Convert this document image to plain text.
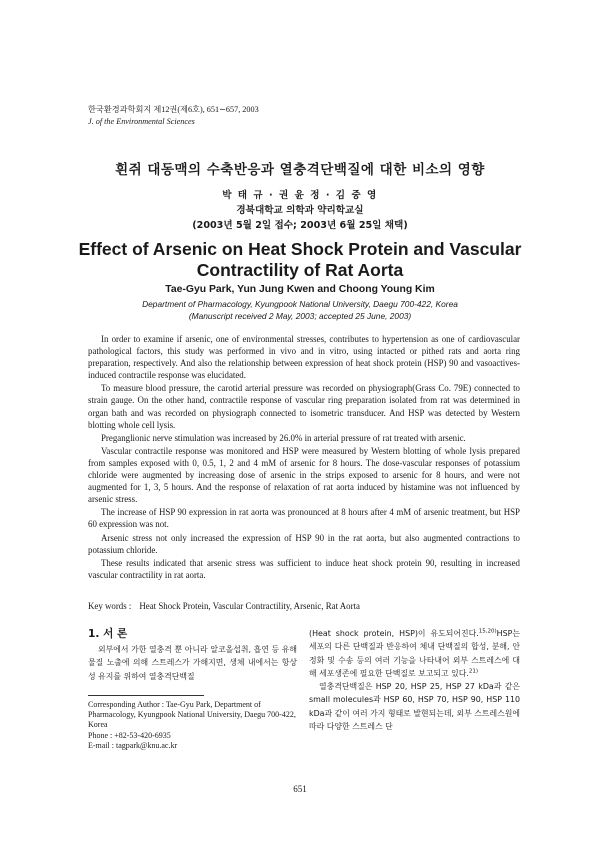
한국환경과학회지 제12권(제6호), 651∼657, 2003
J. of the Environmental Sciences
흰쥐 대동맥의 수축반응과 열충격단백질에 대한 비소의 영향
박 태 규 · 권 윤 정 · 김 중 영
경북대학교 의학과 약리학교실
(2003년 5월 2일 접수; 2003년 6월 25일 채택)
Effect of Arsenic on Heat Shock Protein and Vascular
Contractility of Rat Aorta
Tae-Gyu Park, Yun Jung Kwen and Choong Young Kim
Department of Pharmacology, Kyungpook National University, Daegu 700-422, Korea
(Manuscript received 2 May, 2003; accepted 25 June, 2003)

In order to examine if arsenic, one of environmental stresses, contributes to hypertension as one of cardiovascular pathological factors, this study was performed in vivo and in vitro, using intacted or pithed rats and aorta ring preparation, respectively. And also the relationship between expression of heat shock protein (HSP) 90 and vasoactives-induced contractile response was elucidated.

To measure blood pressure, the carotid arterial pressure was recorded on physiograph(Grass Co. 79E) connected to strain gauge. On the other hand, contractile response of vascular ring preparation isolated from rat was determined in organ bath and was recorded on physiograph connected to isometric transducer. And HSP was detected by Western blotting whole cell lysis.

Preganglionic nerve stimulation was increased by 26.0% in arterial pressure of rat treated with arsenic.

Vascular contractile response was monitored and HSP were measured by Western blotting of whole lysis prepared from samples exposed with 0, 0.5, 1, 2 and 4 mM of arsenic for 8 hours. The dose-vascular responses of potassium chloride were augmented by increasing dose of arsenic in the strips exposed to arsenic for 8 hours, and were not augmented for 1, 3, 5 hours. And the response of relaxation of rat aorta induced by histamine was not influenced by arsenic stress.

The increase of HSP 90 expression in rat aorta was pronounced at 8 hours after 4 mM of arsenic treatment, but HSP 60 expression was not.

Arsenic stress not only increased the expression of HSP 90 in the rat aorta, but also augmented contractions to potassium chloride.

These results indicated that arsenic stress was sufficient to induce heat shock protein 90, resulting in increased vascular contractility in rat aorta.

Key words : Heat Shock Protein, Vascular Contractility, Arsenic, Rat Aorta
1. 서 론

외부에서 가한 열충격 뿐 아니라 알코올섭취, 흡연 등 유해물질 노출에 의해 스트레스가 가해지면, 생체 내에서는 항상성 유지를 위하여 열충격단백질

Corresponding Author : Tae-Gyu Park, Department of Pharmacology, Kyungpook National University, Daegu 700-422, Korea

Phone : +82-53-420-6935

E-mail : tagpark@knu.ac.kr

(Heat shock protein, HSP)이 유도되어진다.$^{15,20)}$HSP는 세포의 다른 단백질과 반응하여 체내 단백질의 합성, 분해, 안정화 및 수송 등의 여러 기능을 나타내어 외부 스트레스에 대해 세포생존에 필요한 단백질로 보고되고 있다.$^{21)}$

열충격단백질은 HSP 20, HSP 25, HSP 27 kDa과 같은 small molecules과 HSP 60, HSP 70, HSP 90, HSP 110 kDa과 같이 여러 가지 형태로 발현되는데, 외부 스트레스원에 따라 다양한 스트레스 단

651
